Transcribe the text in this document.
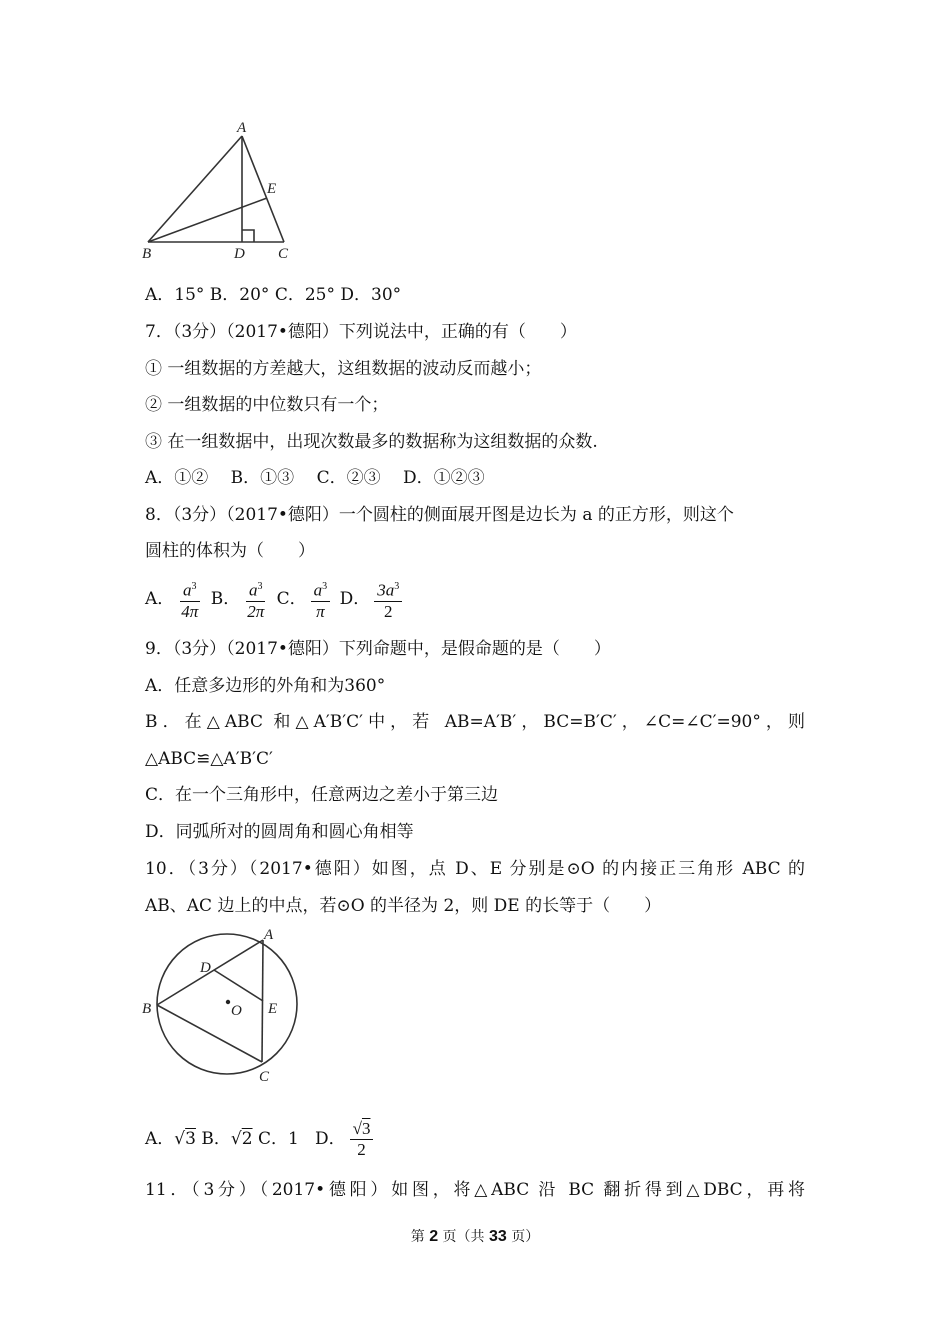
A
B	C
D
E
A．15° B．20° C．25° D．30°
7．（3分）（2017•德阳）下列说法中，正确的有（　　）
① 一组数据的方差越大，这组数据的波动反而越小；
② 一组数据的中位数只有一个；
③ 在一组数据中，出现次数最多的数据称为这组数据的众数.
A．①②　 B．①③　 C．②③　 D．①②③
8．（3分）（2017•德阳）一个圆柱的侧面展开图是边长为 a 的正方形，则这个
圆柱的体积为（　　）
A． $\frac{a^3}{4\pi}$ B． $\frac{a^3}{2\pi}$ C． $\frac{a^3}{\pi}$ D． $\frac{3a^3}{2}$
9．（3分）（2017•德阳）下列命题中，是假命题的是（　　）
A．任意多边形的外角和为360°
B．在△ABC 和△A′B′C′中，若 AB=A′B′，BC=B′C′，∠C=∠C′=90°，则
△ABC≌△A′B′C′
C．在一个三角形中，任意两边之差小于第三边
D．同弧所对的圆周角和圆心角相等
10．（3分）（2017•德阳）如图，点 D、E 分别是⊙O 的内接正三角形 ABC 的
AB、AC 边上的中点，若⊙O 的半径为 2，则 DE 的长等于（　　）
A
B
C
D
E
O
A．√3 B．√2 C．1 D． $\frac{√3}{2}$
11．（3分）（2017•德阳）如图，将△ABC 沿 BC 翻折得到△DBC，再将
第 2 页（共 33 页）
